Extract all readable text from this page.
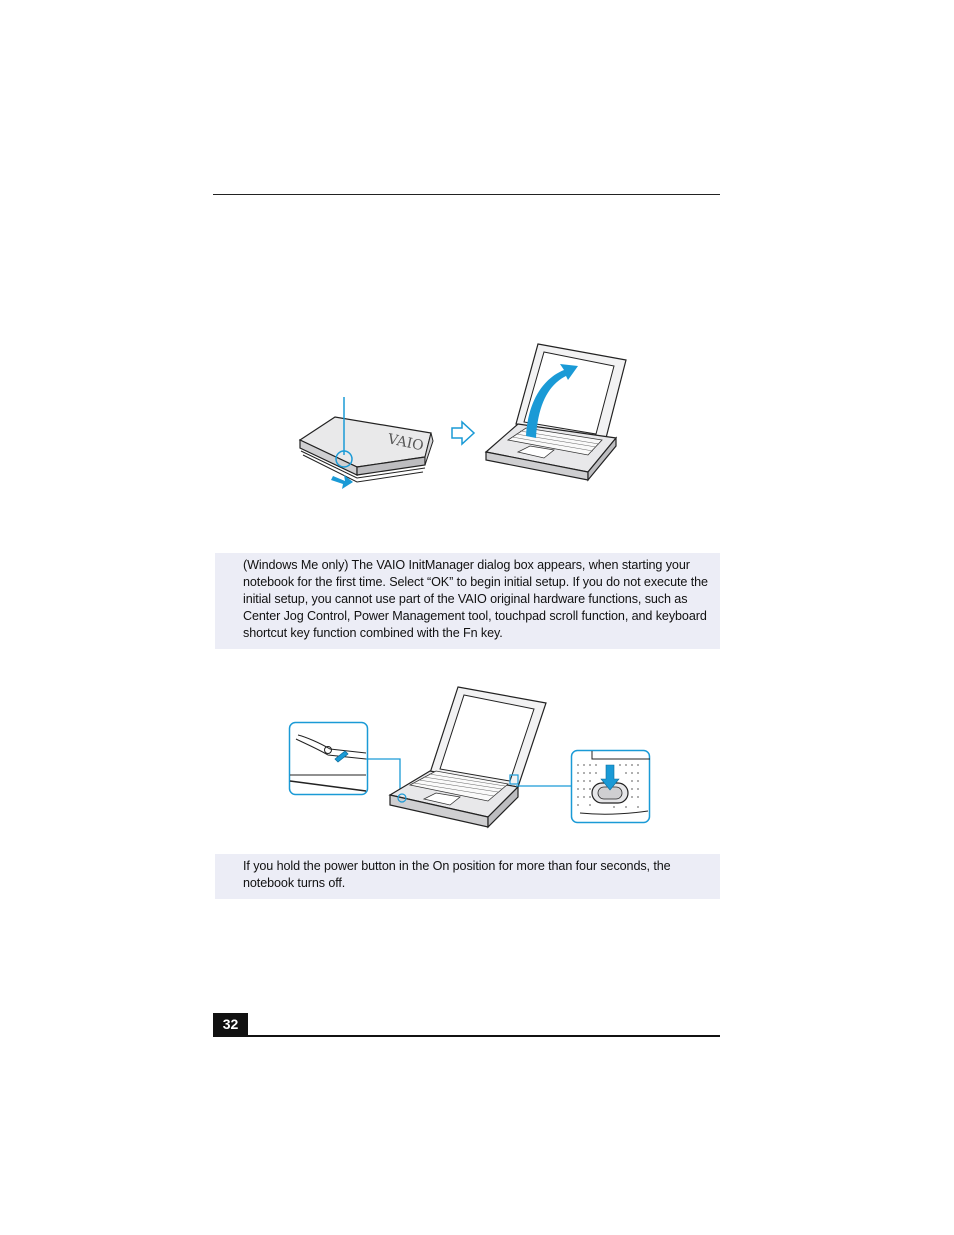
VAIO
(Windows Me only) The VAIO InitManager dialog box appears, when starting your notebook for the first time. Select “OK” to begin initial setup. If you do not execute the initial setup, you cannot use part of the VAIO original hardware functions, such as Center Jog Control, Power Management tool, touchpad scroll function, and keyboard shortcut key function combined with the Fn key.
If you hold the power button in the On position for more than four seconds, the notebook turns off.
32
